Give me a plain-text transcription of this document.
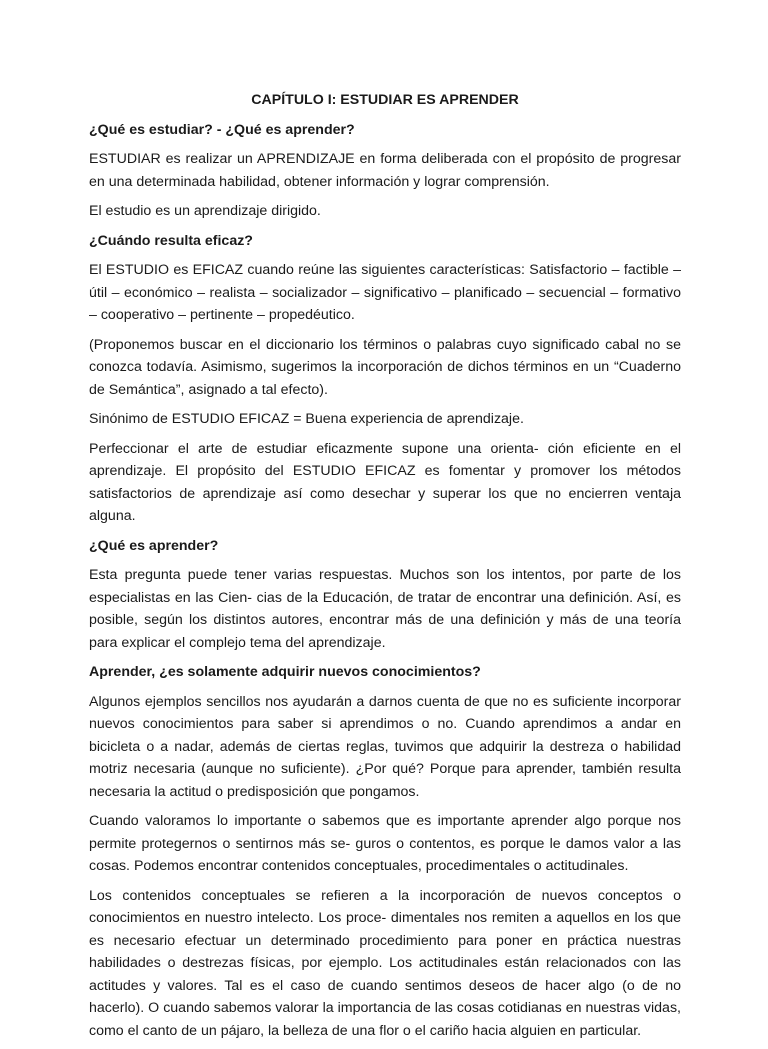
CAPÍTULO I: ESTUDIAR ES APRENDER
¿Qué es estudiar? - ¿Qué es aprender?
ESTUDIAR es realizar un APRENDIZAJE en forma deliberada con el propósito de progresar en una determinada habilidad, obtener información y lograr comprensión.
El estudio es un aprendizaje dirigido.
¿Cuándo resulta eficaz?
El ESTUDIO es EFICAZ cuando reúne las siguientes características: Satisfactorio – factible – útil – económico – realista – socializador – significativo – planificado – secuencial – formativo – cooperativo – pertinente – propedéutico.
(Proponemos buscar en el diccionario los términos o palabras cuyo significado cabal no se conozca todavía. Asimismo, sugerimos la incorporación de dichos términos en un “Cuaderno de Semántica”, asignado a tal efecto).
Sinónimo de ESTUDIO EFICAZ = Buena experiencia de aprendizaje.
Perfeccionar el arte de estudiar eficazmente supone una orienta- ción eficiente en el aprendizaje. El propósito del ESTUDIO EFICAZ es fomentar y promover los métodos satisfactorios de aprendizaje así como desechar y superar los que no encierren ventaja alguna.
¿Qué es aprender?
Esta pregunta puede tener varias respuestas. Muchos son los intentos, por parte de los especialistas en las Cien- cias de la Educación, de tratar de encontrar una definición. Así, es posible, según los distintos autores, encontrar más de una definición y más de una teoría para explicar el complejo tema del aprendizaje.
Aprender, ¿es solamente adquirir nuevos conocimientos?
Algunos ejemplos sencillos nos ayudarán a darnos cuenta de que no es suficiente incorporar nuevos conocimientos para saber si aprendimos o no. Cuando aprendimos a andar en bicicleta o a nadar, además de ciertas reglas, tuvimos que adquirir la destreza o habilidad motriz necesaria (aunque no suficiente). ¿Por qué? Porque para aprender, también resulta necesaria la actitud o predisposición que pongamos.
Cuando valoramos lo importante o sabemos que es importante aprender algo porque nos permite protegernos o sentirnos más se- guros o contentos, es porque le damos valor a las cosas. Podemos encontrar contenidos conceptuales, procedimentales o actitudinales.
Los contenidos conceptuales se refieren a la incorporación de nuevos conceptos o conocimientos en nuestro intelecto. Los proce- dimentales nos remiten a aquellos en los que es necesario efectuar un determinado procedimiento para poner en práctica nuestras habilidades o destrezas físicas, por ejemplo. Los actitudinales están relacionados con las actitudes y valores. Tal es el caso de cuando sentimos deseos de hacer algo (o de no hacerlo). O cuando sabemos valorar la importancia de las cosas cotidianas en nuestras vidas, como el canto de un pájaro, la belleza de una flor o el cariño hacia alguien en particular.
